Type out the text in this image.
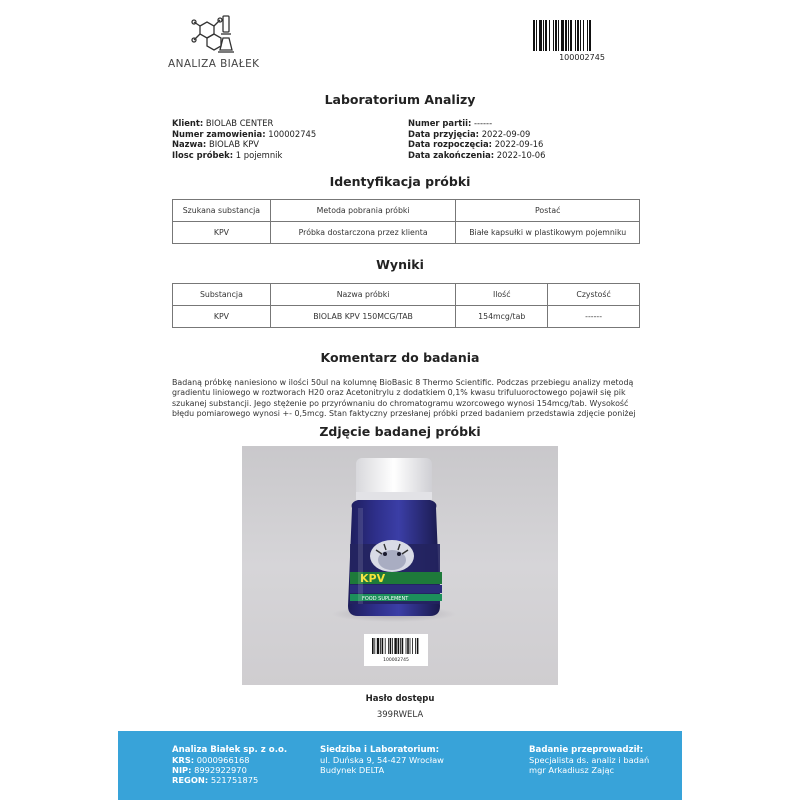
ANALIZA BIAŁEK
100002745
Laboratorium Analizy
Klient: BIOLAB CENTER
Numer zamowienia: 100002745
Nazwa: BIOLAB KPV
Ilosc próbek: 1 pojemnik
Numer partii: ------
Data przyjęcia: 2022-09-09
Data rozpoczęcia: 2022-09-16
Data zakończenia: 2022-10-06
Identyfikacja próbki
Szukana substancja	Metoda pobrania próbki	Postać
KPV	Próbka dostarczona przez klienta	Białe kapsułki w plastikowym pojemniku
Wyniki
Substancja	Nazwa próbki	Ilość	Czystość
KPV	BIOLAB KPV 150MCG/TAB	154mcg/tab	------
Komentarz do badania
Badaną próbkę naniesiono w ilości 50ul na kolumnę BioBasic 8 Thermo Scientific. Podczas przebiegu analizy metodą
gradientu liniowego w roztworach H20 oraz Acetonitrylu z dodatkiem 0,1% kwasu trifuluoroctowego pojawił się pik
szukanej substancji. Jego stężenie po przyrównaniu do chromatogramu wzorcowego wynosi 154mcg/tab. Wysokość
błędu pomiarowego wynosi +- 0,5mcg. Stan faktyczny przesłanej próbki przed badaniem przedstawia zdjęcie poniżej
Zdjęcie badanej próbki
KPV
FOOD SUPLEMENT
100002745
Hasło dostępu
399RWELA
Analiza Białek sp. z o.o.
KRS: 0000966168
NIP: 8992922970
REGON: 521751875
Siedziba i Laboratorium:
ul. Duńska 9, 54-427 Wrocław
Budynek DELTA
Badanie przeprowadził:
Specjalista ds. analiz i badań
mgr Arkadiusz Zając
